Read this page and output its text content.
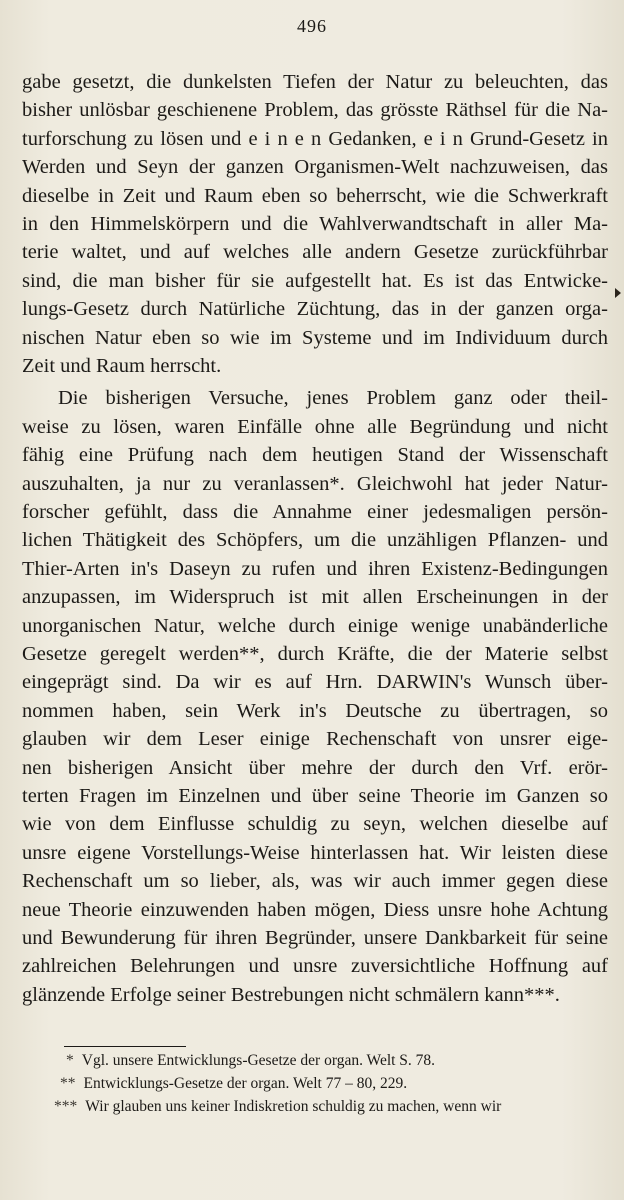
496
gabe gesetzt, die dunkelsten Tiefen der Natur zu beleuchten, das
bisher unlösbar geschienene Problem, das grösste Räthsel für die Na-
turforschung zu lösen und e i n e n Gedanken, e i n Grund-Gesetz in
Werden und Seyn der ganzen Organismen-Welt nachzuweisen, das
dieselbe in Zeit und Raum eben so beherrscht, wie die Schwerkraft
in den Himmelskörpern und die Wahlverwandtschaft in aller Ma-
terie waltet, und auf welches alle andern Gesetze zurückführbar
sind, die man bisher für sie aufgestellt hat. Es ist das Entwicke-
lungs-Gesetz durch Natürliche Züchtung, das in der ganzen orga-
nischen Natur eben so wie im Systeme und im Individuum durch
Zeit und Raum herrscht.
Die bisherigen Versuche, jenes Problem ganz oder theil-
weise zu lösen, waren Einfälle ohne alle Begründung und nicht
fähig eine Prüfung nach dem heutigen Stand der Wissenschaft
auszuhalten, ja nur zu veranlassen*. Gleichwohl hat jeder Natur-
forscher gefühlt, dass die Annahme einer jedesmaligen persön-
lichen Thätigkeit des Schöpfers, um die unzähligen Pflanzen- und
Thier-Arten in's Daseyn zu rufen und ihren Existenz-Bedingungen
anzupassen, im Widerspruch ist mit allen Erscheinungen in der
unorganischen Natur, welche durch einige wenige unabänderliche
Gesetze geregelt werden**, durch Kräfte, die der Materie selbst
eingeprägt sind. Da wir es auf Hrn. DARWIN's Wunsch über-
nommen haben, sein Werk in's Deutsche zu übertragen, so
glauben wir dem Leser einige Rechenschaft von unsrer eige-
nen bisherigen Ansicht über mehre der durch den Vrf. erör-
terten Fragen im Einzelnen und über seine Theorie im Ganzen so
wie von dem Einflusse schuldig zu seyn, welchen dieselbe auf
unsre eigene Vorstellungs-Weise hinterlassen hat. Wir leisten diese
Rechenschaft um so lieber, als, was wir auch immer gegen diese
neue Theorie einzuwenden haben mögen, Diess unsre hohe Achtung
und Bewunderung für ihren Begründer, unsere Dankbarkeit für seine
zahlreichen Belehrungen und unsre zuversichtliche Hoffnung auf
glänzende Erfolge seiner Bestrebungen nicht schmälern kann***.
* Vgl. unsere Entwicklungs-Gesetze der organ. Welt S. 78.
** Entwicklungs-Gesetze der organ. Welt 77 – 80, 229.
*** Wir glauben uns keiner Indiskretion schuldig zu machen, wenn wir
